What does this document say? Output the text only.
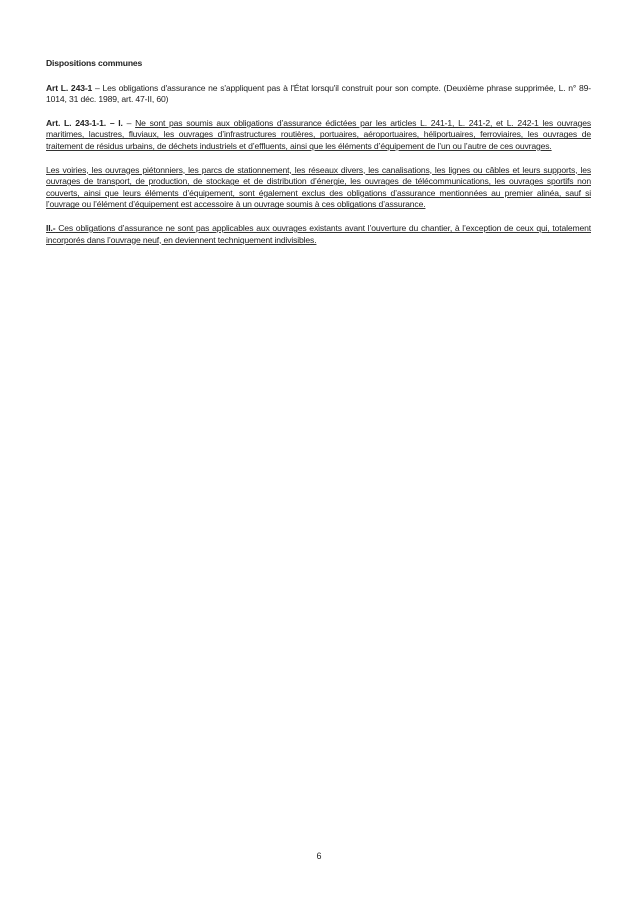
Dispositions communes

Art L. 243-1 – Les obligations d'assurance ne s'appliquent pas à l'État lorsqu'il construit pour son compte. (Deuxième phrase supprimée, L. n° 89-1014, 31 déc. 1989, art. 47-II, 60)

Art. L. 243-1-1. – I. – Ne sont pas soumis aux obligations d’assurance édictées par les articles L. 241-1, L. 241-2, et L. 242-1 les ouvrages maritimes, lacustres, fluviaux, les ouvrages d’infrastructures routières, portuaires, aéroportuaires, héliportuaires, ferroviaires, les ouvrages de traitement de résidus urbains, de déchets industriels et d’effluents, ainsi que les éléments d’équipement de l’un ou l’autre de ces ouvrages.

Les voiries, les ouvrages piétonniers, les parcs de stationnement, les réseaux divers, les canalisations, les lignes ou câbles et leurs supports, les ouvrages de transport, de production, de stockage et de distribution d’énergie, les ouvrages de télécommunications, les ouvrages sportifs non couverts, ainsi que leurs éléments d’équipement, sont également exclus des obligations d’assurance mentionnées au premier alinéa, sauf si l’ouvrage ou l’élément d’équipement est accessoire à un ouvrage soumis à ces obligations d’assurance.

II.- Ces obligations d’assurance ne sont pas applicables aux ouvrages existants avant l’ouverture du chantier, à l’exception de ceux qui, totalement incorporés dans l’ouvrage neuf, en deviennent techniquement indivisibles.

6
